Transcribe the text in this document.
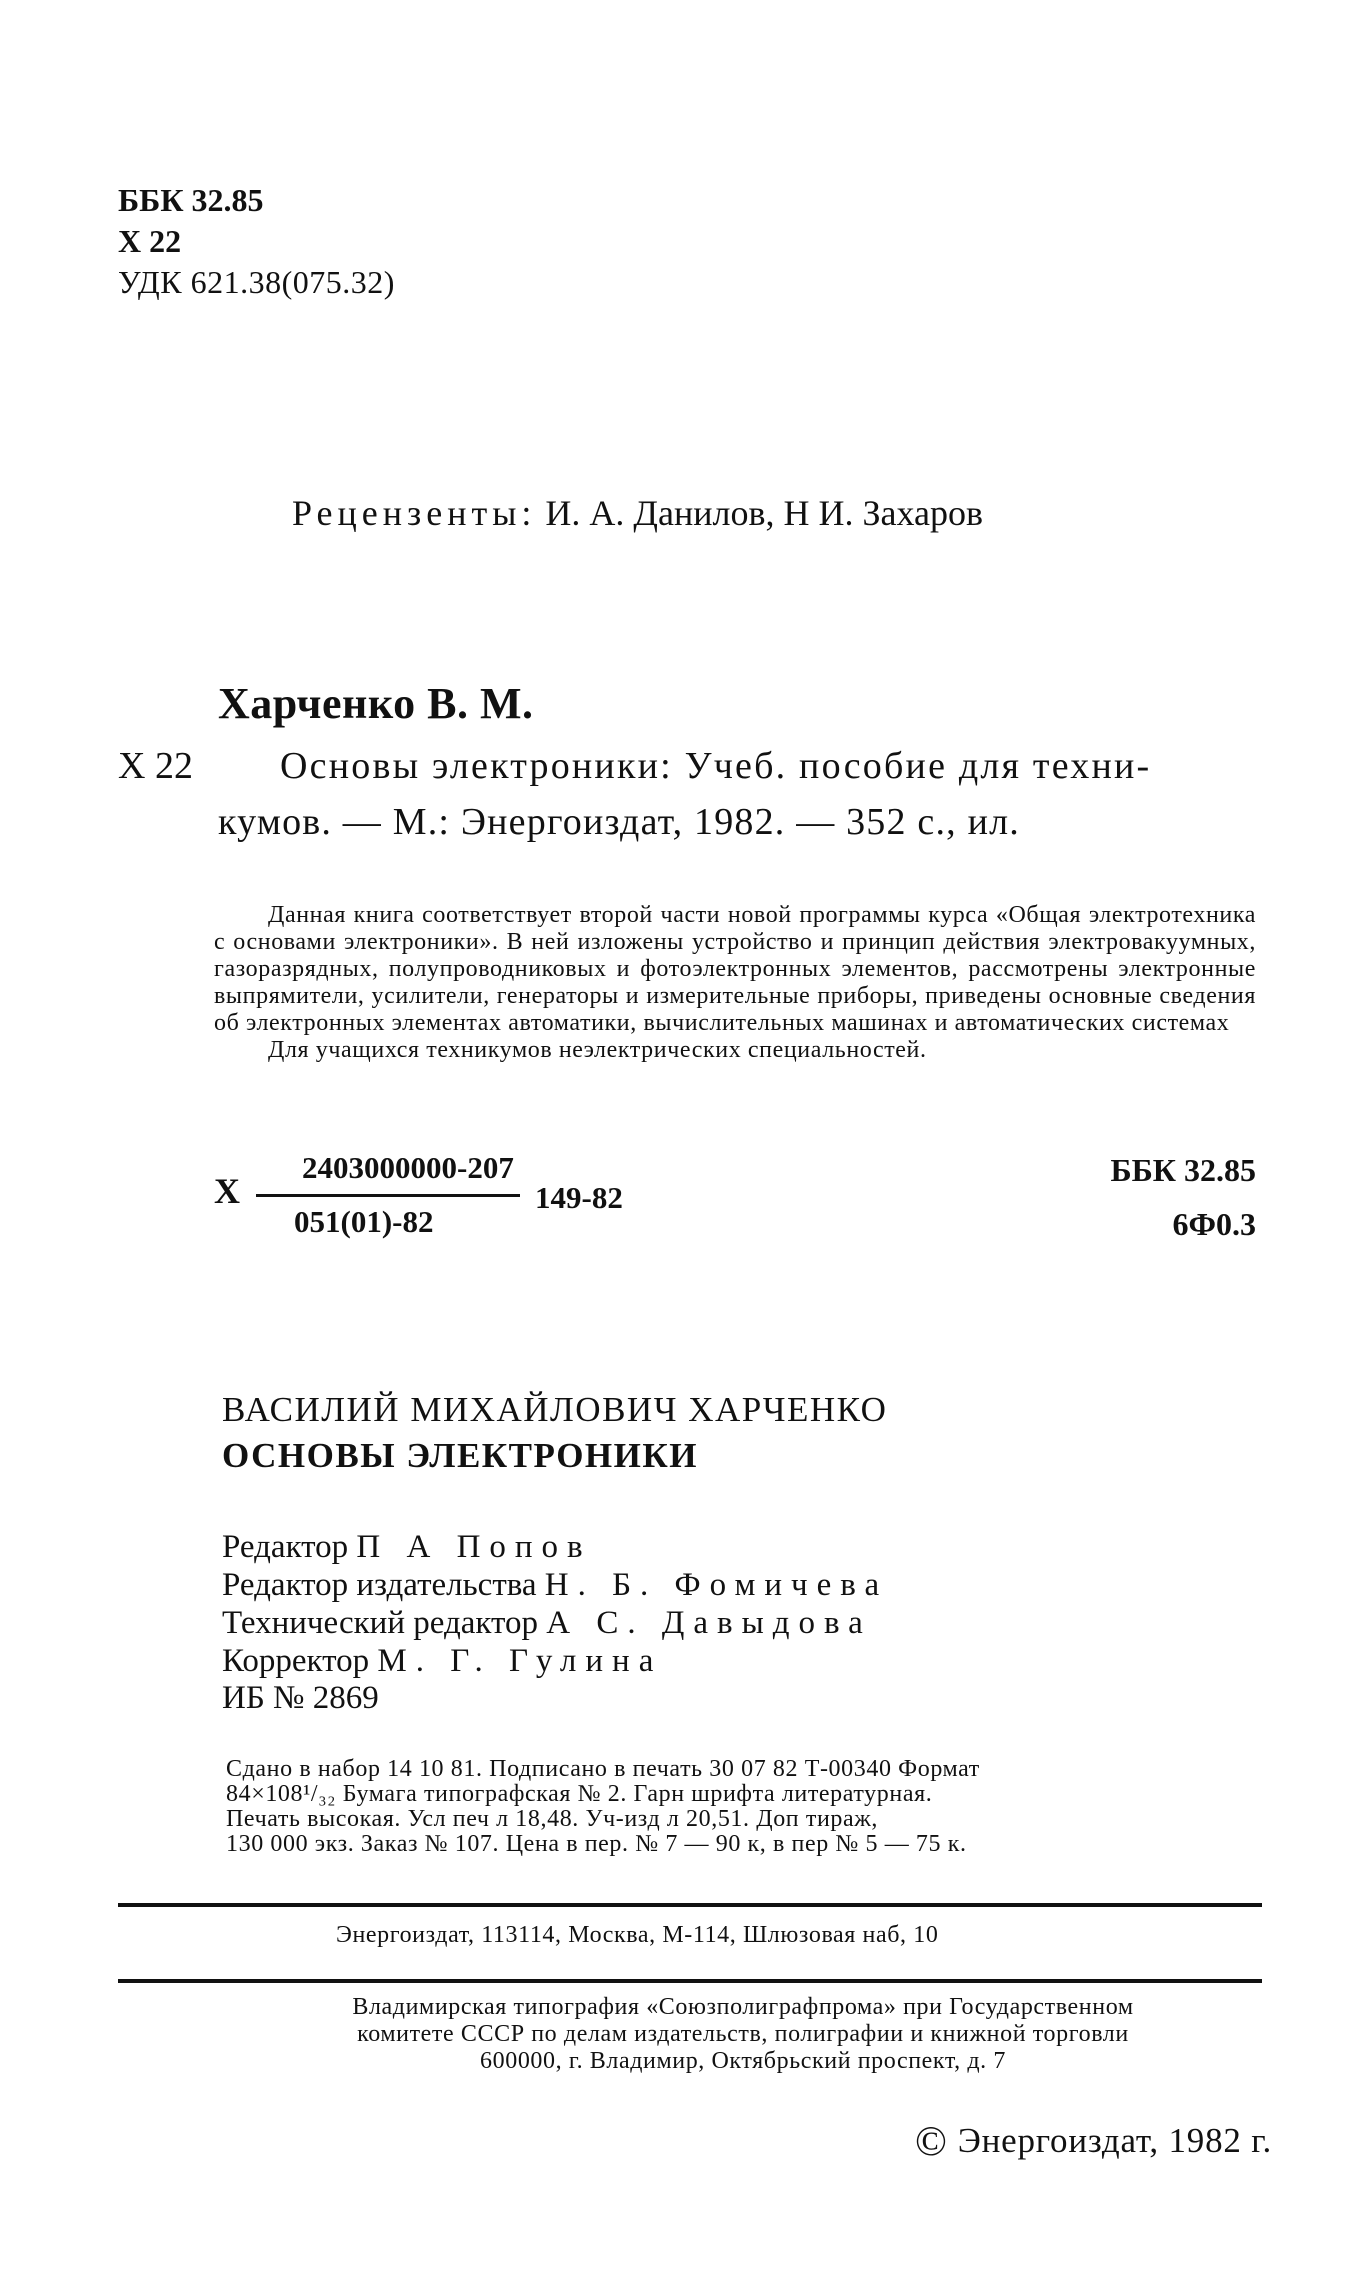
ББК 32.85
Х 22
УДК 621.38(075.32)
Рецензенты: И. А. Данилов, Н И. Захаров
Харченко В. М.
Х 22 Основы электроники: Учеб. пособие для техни-
кумов. — М.: Энергоиздат, 1982. — 352 с., ил.

Данная книга соответствует второй части новой программы курса «Общая электротехника с основами электроники». В ней изложены устройство и принцип действия электровакуумных, газоразрядных, полупроводниковых и фотоэлектронных элементов, рассмотрены электронные выпрямители, усилители, генераторы и измерительные приборы, приведены основные сведения об электронных элементах автоматики, вычислительных машинах и автоматических системах

Для учащихся техникумов неэлектрических специальностей.

Х
2403000000-207
051(01)-82
149-82
ББК 32.85
6Ф0.3
ВАСИЛИЙ МИХАЙЛОВИЧ ХАРЧЕНКО
ОСНОВЫ ЭЛЕКТРОНИКИ
Редактор П А Попов
Редактор издательства Н. Б. Фомичева
Технический редактор А С. Давыдова
Корректор М. Г. Гулина
ИБ № 2869

Сдано в набор 14 10 81. Подписано в печать 30 07 82 Т-00340 Формат

84×108¹/₃₂ Бумага типографская № 2. Гарн шрифта литературная.

Печать высокая. Усл печ л 18,48. Уч-изд л 20,51. Доп тираж,

130 000 экз. Заказ № 107. Цена в пер. № 7 — 90 к, в пер № 5 — 75 к.

Энергоиздат, 113114, Москва, М-114, Шлюзовая наб, 10

Владимирская типография «Союзполиграфпрома» при Государственном

комитете СССР по делам издательств, полиграфии и книжной торговли

600000, г. Владимир, Октябрьский проспект, д. 7

© Энергоиздат, 1982 г.
